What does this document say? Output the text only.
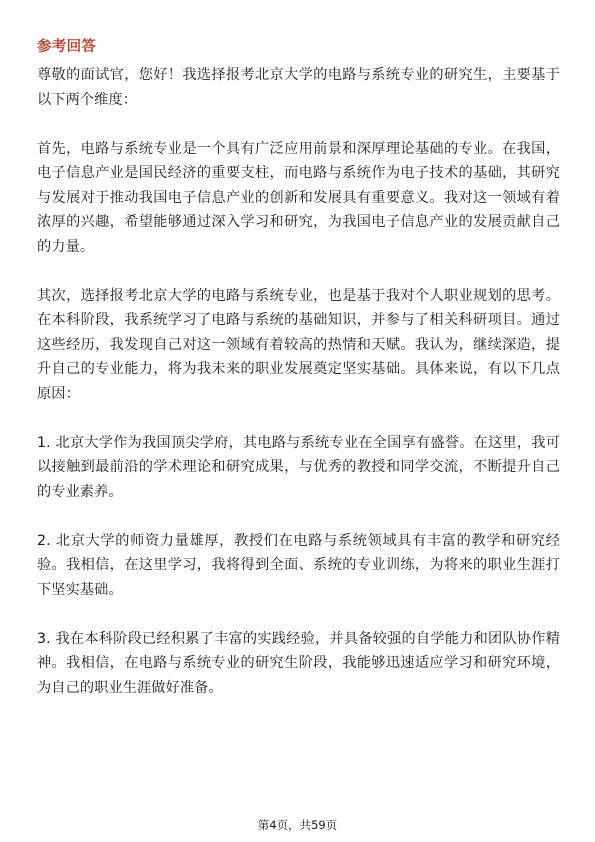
参考回答

尊敬的面试官，您好！我选择报考北京大学的电路与系统专业的研究生，主要基于以下两个维度：

首先，电路与系统专业是一个具有广泛应用前景和深厚理论基础的专业。在我国，电子信息产业是国民经济的重要支柱，而电路与系统作为电子技术的基础，其研究与发展对于推动我国电子信息产业的创新和发展具有重要意义。我对这一领域有着浓厚的兴趣，希望能够通过深入学习和研究，为我国电子信息产业的发展贡献自己的力量。

其次，选择报考北京大学的电路与系统专业，也是基于我对个人职业规划的思考。在本科阶段，我系统学习了电路与系统的基础知识，并参与了相关科研项目。通过这些经历，我发现自己对这一领域有着较高的热情和天赋。我认为，继续深造，提升自己的专业能力，将为我未来的职业发展奠定坚实基础。具体来说，有以下几点原因：

1. 北京大学作为我国顶尖学府，其电路与系统专业在全国享有盛誉。在这里，我可以接触到最前沿的学术理论和研究成果，与优秀的教授和同学交流，不断提升自己的专业素养。

2. 北京大学的师资力量雄厚，教授们在电路与系统领域具有丰富的教学和研究经验。我相信，在这里学习，我将得到全面、系统的专业训练，为将来的职业生涯打下坚实基础。

3. 我在本科阶段已经积累了丰富的实践经验，并具备较强的自学能力和团队协作精神。我相信，在电路与系统专业的研究生阶段，我能够迅速适应学习和研究环境，为自己的职业生涯做好准备。

第4页，共59页
